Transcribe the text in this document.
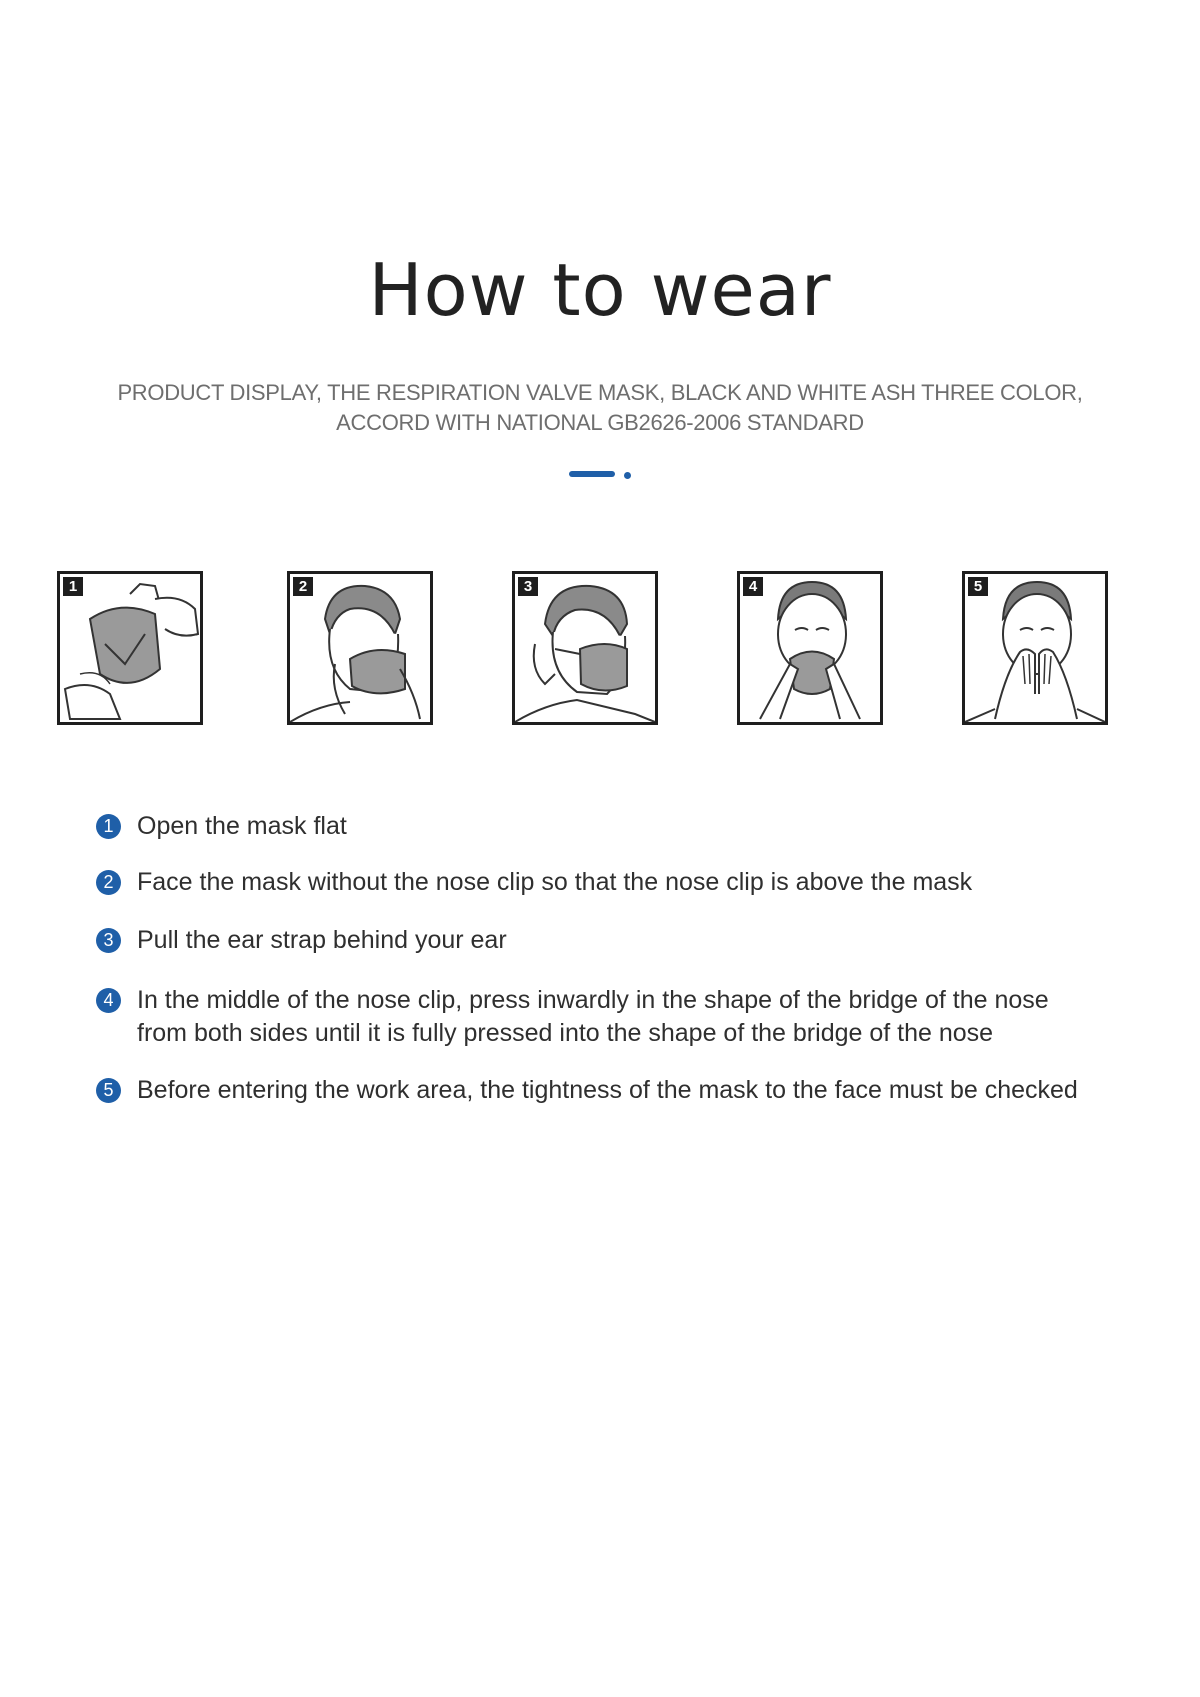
How to wear
PRODUCT DISPLAY, THE RESPIRATION VALVE MASK, BLACK AND WHITE ASH THREE COLOR,
ACCORD WITH NATIONAL GB2626-2006 STANDARD
1	2	3	4	5
1 Open the mask flat
2 Face the mask without the nose clip so that the nose clip is above the mask
3 Pull the ear strap behind your ear
4 In the middle of the nose clip, press inwardly in the shape of the bridge of the nose
from both sides until it is fully pressed into the shape of the bridge of the nose
5 Before entering the work area, the tightness of the mask to the face must be checked
